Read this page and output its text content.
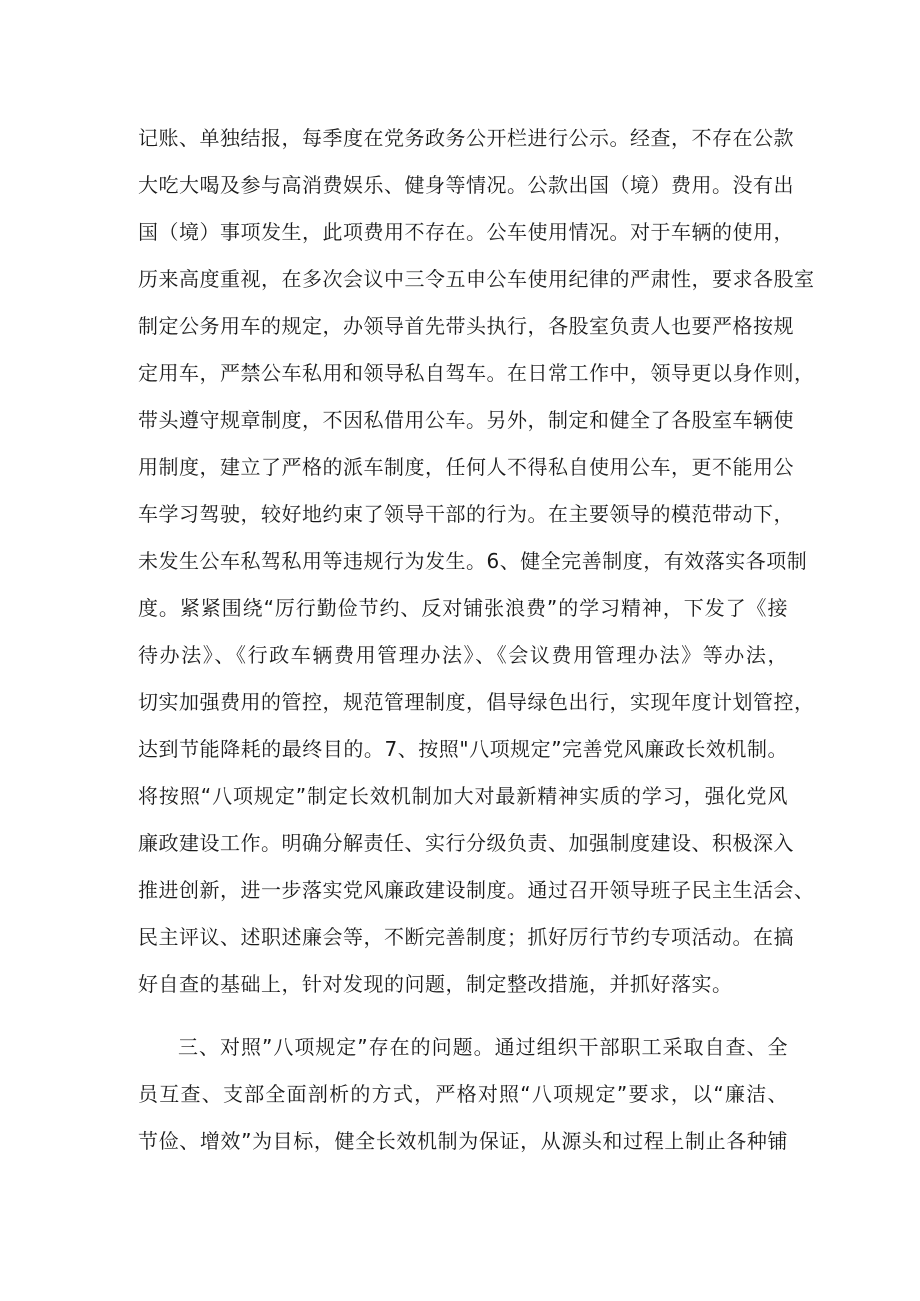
记账、单独结报，每季度在党务政务公开栏进行公示。经查，不存在公款
大吃大喝及参与高消费娱乐、健身等情况。公款出国（境）费用。没有出
国（境）事项发生，此项费用不存在。公车使用情况。对于车辆的使用，
历来高度重视，在多次会议中三令五申公车使用纪律的严肃性，要求各股室
制定公务用车的规定，办领导首先带头执行，各股室负责人也要严格按规
定用车，严禁公车私用和领导私自驾车。在日常工作中，领导更以身作则，
带头遵守规章制度，不因私借用公车。另外，制定和健全了各股室车辆使
用制度，建立了严格的派车制度，任何人不得私自使用公车，更不能用公
车学习驾驶，较好地约束了领导干部的行为。在主要领导的模范带动下，
未发生公车私驾私用等违规行为发生。6、健全完善制度，有效落实各项制
度。紧紧围绕“厉行勤俭节约、反对铺张浪费”的学习精神，下发了《接
待办法》、《行政车辆费用管理办法》、《会议费用管理办法》等办法，
切实加强费用的管控，规范管理制度，倡导绿色出行，实现年度计划管控，
达到节能降耗的最终目的。7、按照"八项规定”完善党风廉政长效机制。
将按照“八项规定”制定长效机制加大对最新精神实质的学习，强化党风
廉政建设工作。明确分解责任、实行分级负责、加强制度建设、积极深入
推进创新，进一步落实党风廉政建设制度。通过召开领导班子民主生活会、
民主评议、述职述廉会等，不断完善制度；抓好厉行节约专项活动。在搞
好自查的基础上，针对发现的问题，制定整改措施，并抓好落实。
三、对照”八项规定”存在的问题。通过组织干部职工采取自查、全
员互查、支部全面剖析的方式，严格对照“八项规定”要求，以“廉洁、
节俭、增效”为目标，健全长效机制为保证，从源头和过程上制止各种铺
